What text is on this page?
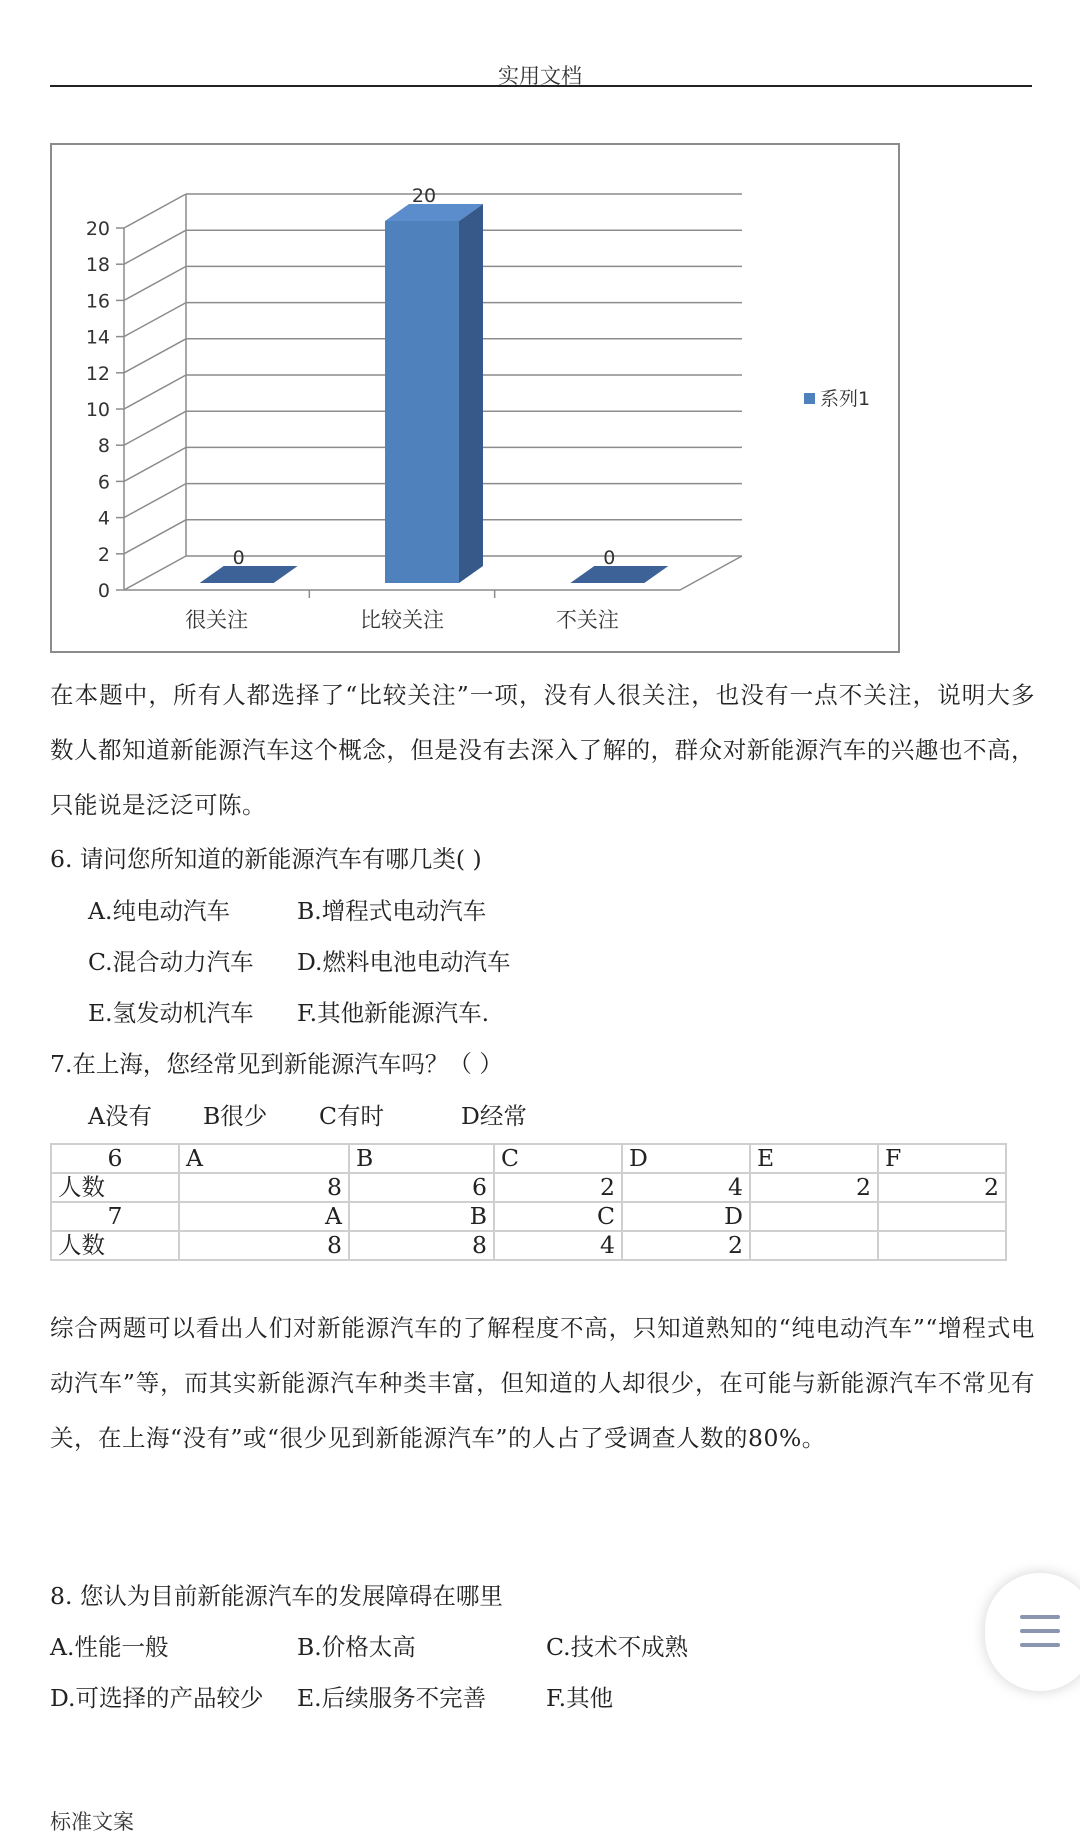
实用文档
0
2
4
6
8
10
12
14
16
18
20
0
很关注
20
比较关注
0
不关注
系列1
在本题中，所有人都选择了“比较关注”一项，没有人很关注，也没有一点不关注，说明大多数人都知道新能源汽车这个概念，但是没有去深入了解的，群众对新能源汽车的兴趣也不高，只能说是泛泛可陈。
6. 请问您所知道的新能源汽车有哪几类( )
A.纯电动汽车	B.增程式电动汽车
C.混合动力汽车 D.燃料电池电动汽车
E.氢发动机汽车 F.其他新能源汽车.
7.在上海，您经常见到新能源汽车吗？（ ）
A没有 B很少 C有时	D经常
6	A	B	C	D	E	F
人数	8	6	2	4	2	2
7	A	B	C	D		
人数	8	8	4	2		
综合两题可以看出人们对新能源汽车的了解程度不高，只知道熟知的“纯电动汽车”“增程式电动汽车”等，而其实新能源汽车种类丰富，但知道的人却很少，在可能与新能源汽车不常见有关，在上海“没有”或“很少见到新能源汽车”的人占了受调查人数的80%。
8. 您认为目前新能源汽车的发展障碍在哪里
A.性能一般	B.价格太高	C.技术不成熟
D.可选择的产品较少 E.后续服务不完善	F.其他
标准文案
